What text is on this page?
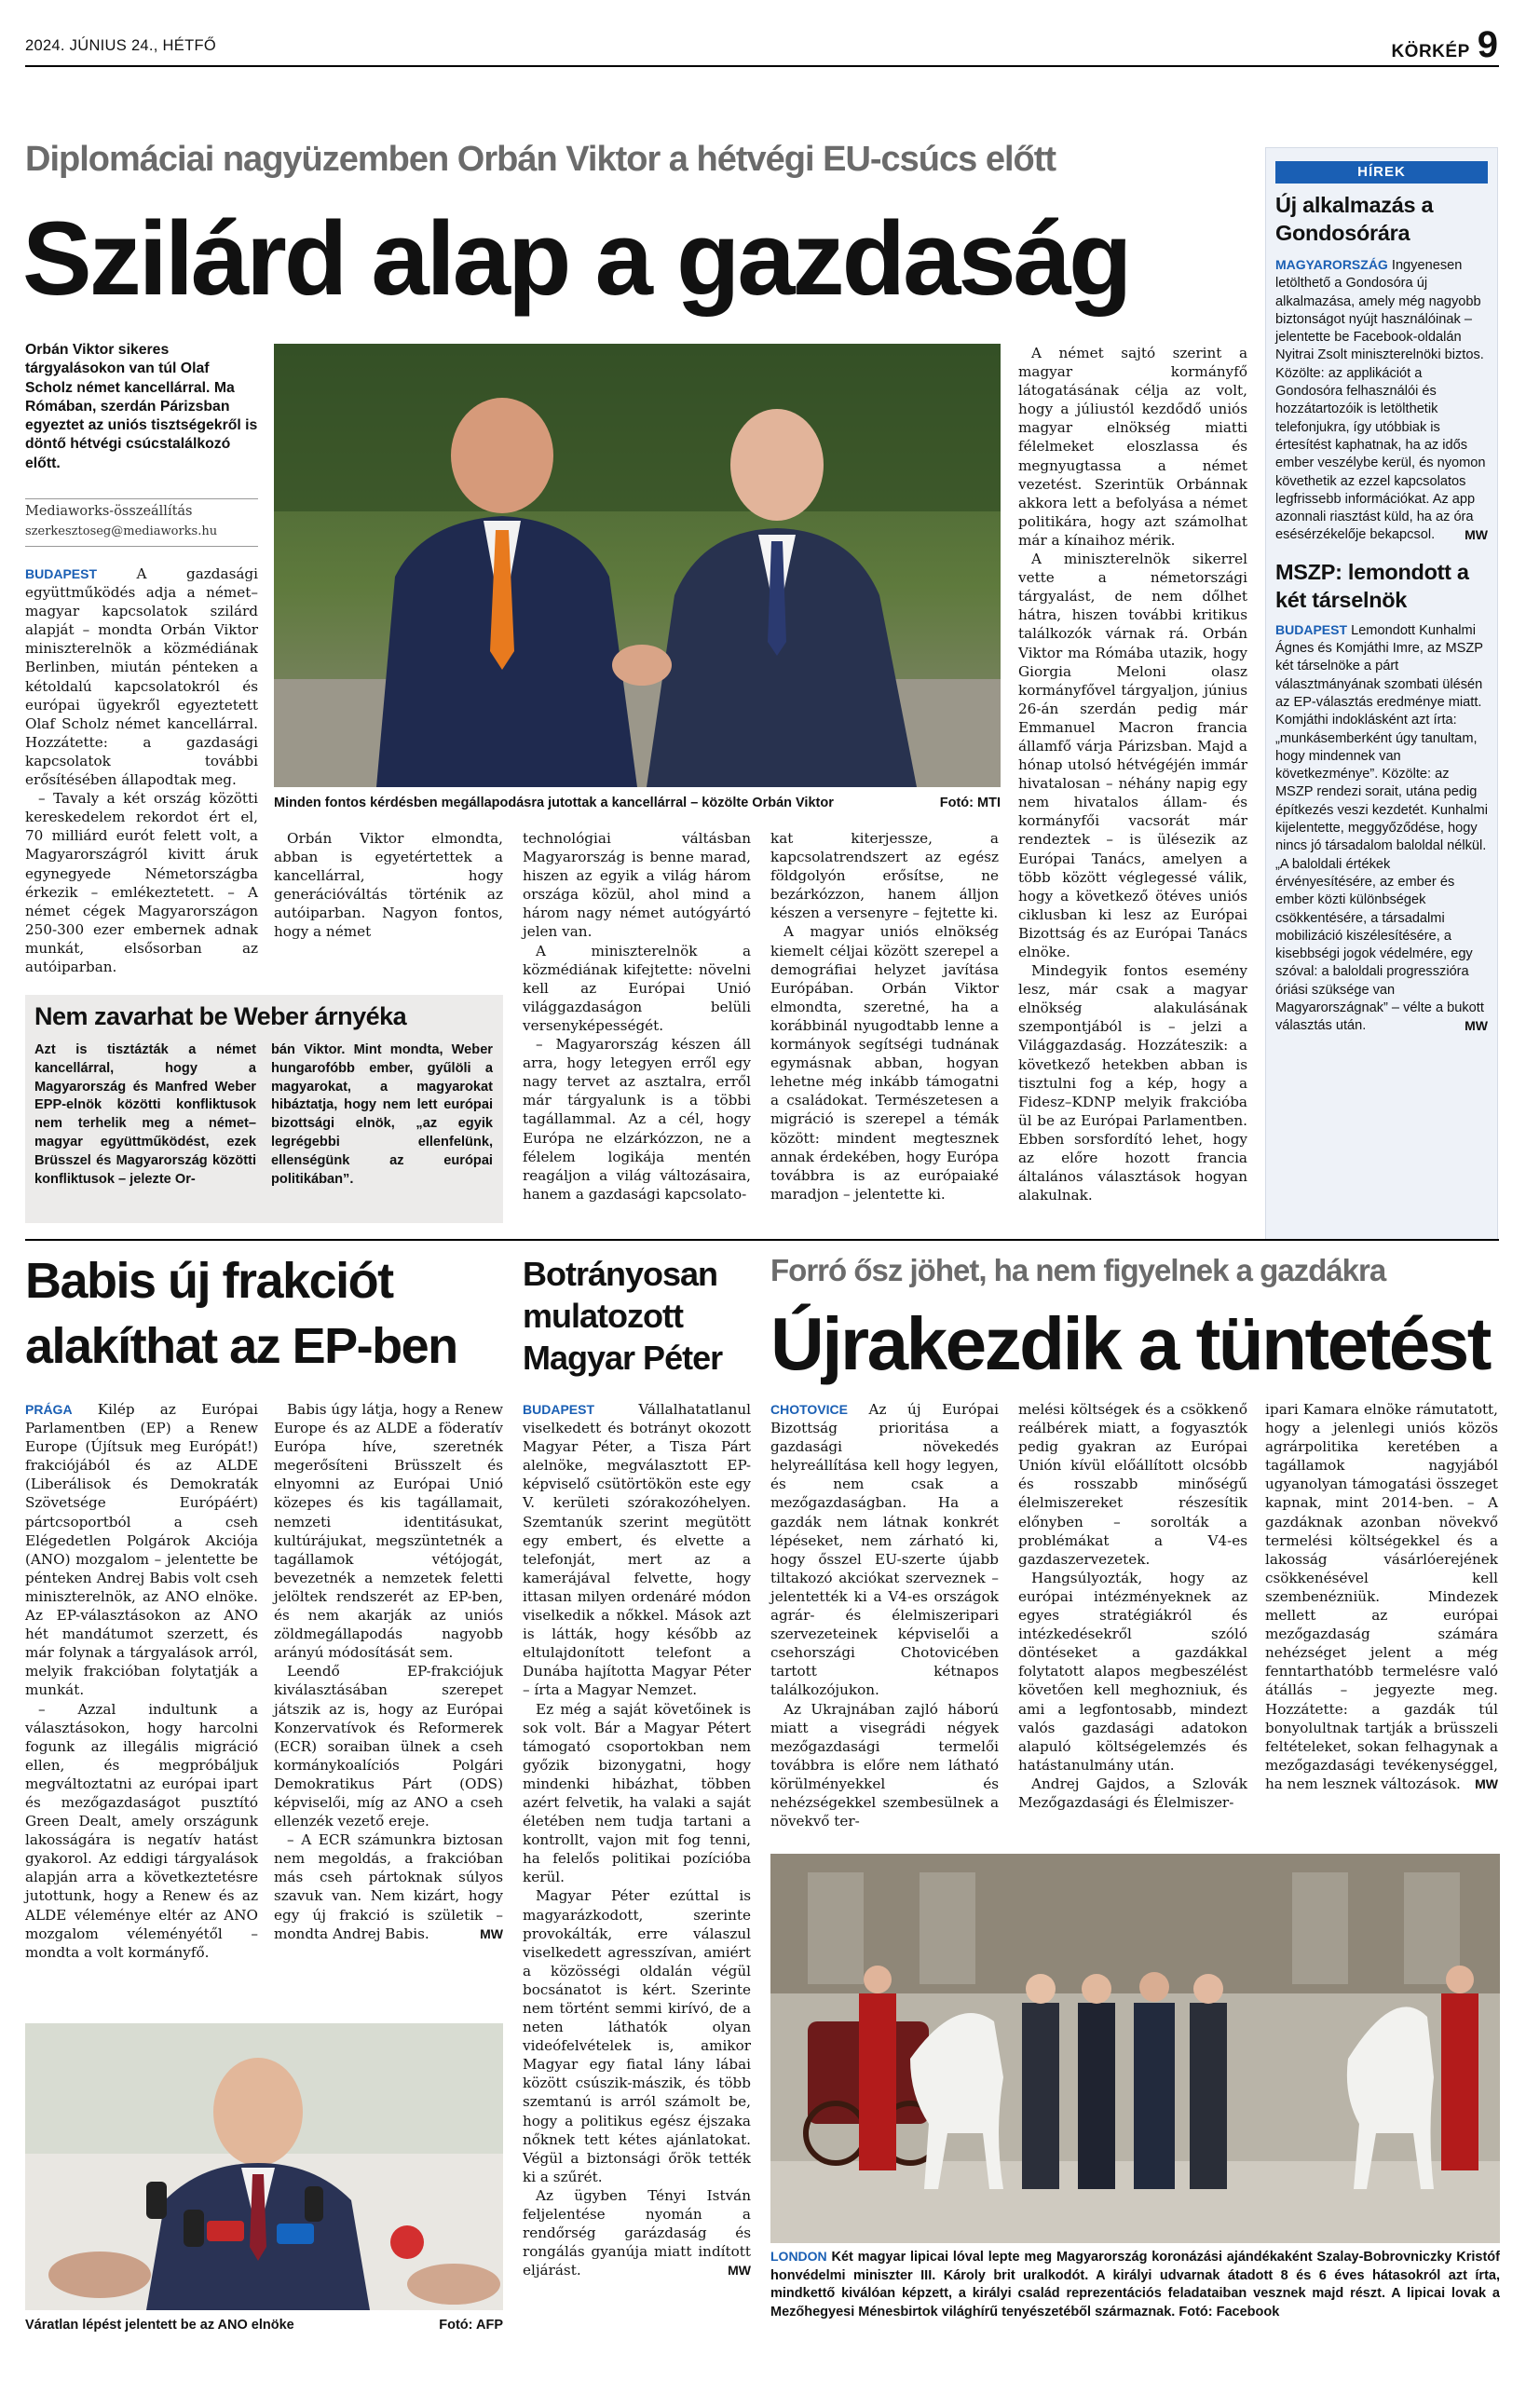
2024. JÚNIUS 24., HÉTFŐ	KÖRKÉP 9
Diplomáciai nagyüzemben Orbán Viktor a hétvégi EU-csúcs előtt
Szilárd alap a gazdaság
Orbán Viktor sikeres tárgyalásokon van túl Olaf Scholz német kancellárral. Ma Rómában, szerdán Párizsban egyeztet az uniós tisztségekről is döntő hétvégi csúcstalálkozó előtt.
Mediaworks-összeállítás
szerkesztoseg@mediaworks.hu
Minden fontos kérdésben megállapodásra jutottak a kancellárral – közölte Orbán Viktor	Fotó: MTI

BUDAPEST	A gazdasági együttműködés adja a német–magyar kapcsolatok szilárd alapját – mondta Orbán Viktor miniszterelnök a közmédiának Berlinben, miután pénteken a kétoldalú kapcsolatokról és európai ügyekről egyeztetett Olaf Scholz német kancellárral. Hozzátette: a gazdasági kapcsolatok további erősítésében állapodtak meg.

– Tavaly a két ország közötti kereskedelem rekordot ért el, 70 milliárd eurót felett volt, a Magyarországról kivitt áruk egynegyede Németországba érkezik – emlékeztetett. – A német cégek Magyarországon 250-300 ezer embernek adnak munkát, elsősorban az autóiparban.

Orbán Viktor elmondta, abban is egyetértettek a kancellárral, hogy generációváltás történik az autóiparban. Nagyon fontos, hogy a német

technológiai váltásban Magyarország is benne marad, hiszen az egyik a világ három országa közül, ahol mind a három nagy német autógyártó jelen van.

A miniszterelnök a közmédiának kifejtette: növelni kell az Európai Unió világgazdaságon belüli versenyképességét.

– Magyarország készen áll arra, hogy letegyen erről egy nagy tervet az asztalra, erről már tárgyalunk is a többi tagállammal. Az a cél, hogy Európa ne elzárkózzon, ne a félelem logikája mentén reagáljon a világ változásaira, hanem a gazdasági kapcsolato-

kat kiterjessze, a kapcsolatrendszert az egész földgolyón erősítse, ne bezárkózzon, hanem álljon készen a versenyre – fejtette ki.

A magyar uniós elnökség kiemelt céljai között szerepel a demográfiai helyzet javítása Európában. Orbán Viktor elmondta, szeretné, ha a korábbinál nyugodtabb lenne a kormányok segítségi tudnának egymásnak abban, hogyan lehetne még inkább támogatni a családokat. Természetesen a migráció is szerepel a témák között: mindent megtesznek annak érdekében, hogy Európa továbbra is az európaiaké maradjon – jelentette ki.

A német sajtó szerint a magyar kormányfő látogatásának célja az volt, hogy a júliustól kezdődő uniós magyar elnökség miatti félelmeket eloszlassa és megnyugtassa a német vezetést. Szerintük Orbánnak akkora lett a befolyása a német politikára, hogy azt számolhat már a kínaihoz mérik.

A miniszterelnök sikerrel vette a németországi tárgyalást, de nem dőlhet hátra, hiszen további kritikus találkozók várnak rá. Orbán Viktor ma Rómába utazik, hogy Giorgia Meloni olasz kormányfővel tárgyaljon, június 26-án szerdán pedig már Emmanuel Macron francia államfő várja Párizsban. Majd a hónap utolsó hétvégéjén immár hivatalosan – néhány napig egy nem hivatalos állam- és kormányfői vacsorát már rendeztek – is ülésezik az Európai Tanács, amelyen a több között véglegessé válik, hogy a következő ötéves uniós ciklusban ki lesz az Európai Bizottság és az Európai Tanács elnöke.

Mindegyik fontos esemény lesz, már csak a magyar elnökség alakulásának szempontjából is – jelzi a Világgazdaság. Hozzáteszik: a következő hetekben abban is tisztulni fog a kép, hogy a Fidesz–KDNP melyik frakcióba ül be az Európai Parlamentben. Ebben sorsfordító lehet, hogy az előre hozott francia általános választások hogyan alakulnak.

Nem zavarhat be Weber árnyéka
Azt is tisztázták a német kancellárral, hogy a Magyarország és Manfred Weber EPP-elnök közötti konfliktusok nem terhelik meg a német–magyar együttműködést, ezek Brüsszel és Magyarország közötti konfliktusok – jelezte Or-
bán Viktor. Mint mondta, Weber hungarofóbb ember, gyűlöli a magyarokat, a magyarokat hibáztatja, hogy nem lett európai bizottsági elnök, „az egyik legrégebbi ellenfelünk, ellenségünk az európai politikában”.
HÍREK
Új alkalmazás a Gondosórára

MAGYARORSZÁG Ingyenesen letölthető a Gondosóra új alkalmazása, amely még nagyobb biztonságot nyújt használóinak – jelentette be Facebook-oldalán Nyitrai Zsolt miniszterelnöki biztos. Közölte: az applikációt a Gondosóra felhasználói és hozzátartozóik is letölthetik telefonjukra, így utóbbiak is értesítést kaphatnak, ha az idős ember veszélybe kerül, és nyomon követhetik az ezzel kapcsolatos legfrissebb információkat. Az app azonnali riasztást küld, ha az óra esésérzékelője bekapcsol. MW

MSZP: lemondott a két társelnök

BUDAPEST Lemondott Kunhalmi Ágnes és Komjáthi Imre, az MSZP két társelnöke a párt választmányának szombati ülésén az EP-választás eredménye miatt. Komjáthi indoklásként azt írta: „munkásemberként úgy tanultam, hogy mindennek van következménye”. Közölte: az MSZP rendezi sorait, utána pedig építkezés veszi kezdetét. Kunhalmi kijelentette, meggyőződése, hogy nincs jó társadalom baloldal nélkül. „A baloldali értékek érvényesítésére, az ember és ember közti különbségek csökkentésére, a társadalmi mobilizáció kiszélesítésére, a kisebbségi jogok védelmére, egy szóval: a baloldali progresszióra óriási szüksége van Magyarországnak” – vélte a bukott választás után.	MW

Babis új frakciót alakíthat az EP-ben

PRÁGA Kilép az Európai Parlamentben (EP) a Renew Europe (Újítsuk meg Európát!) frakciójából és az ALDE (Liberálisok és Demokraták Szövetsége Európáért) pártcsoportból a cseh Elégedetlen Polgárok Akciója (ANO) mozgalom – jelentette be pénteken Andrej Babis volt cseh miniszterelnök, az ANO elnöke. Az EP-választásokon az ANO hét mandátumot szerzett, és már folynak a tárgyalások arról, melyik frakcióban folytatják a munkát.

– Azzal indultunk a választásokon, hogy harcolni fogunk az illegális migráció ellen, és megpróbáljuk megváltoztatni az európai ipart és mezőgazdaságot pusztító Green Dealt, amely országunk lakosságára is negatív hatást gyakorol. Az eddigi tárgyalások alapján arra a következtetésre jutottunk, hogy a Renew és az ALDE véleménye eltér az ANO mozgalom véleményétől – mondta a volt kormányfő.

Babis úgy látja, hogy a Renew Europe és az ALDE a föderatív Európa híve, szeretnék megerősíteni Brüsszelt és elnyomni az Európai Unió közepes és kis tagállamait, nemzeti identitásukat, kultúrájukat, megszüntetnék a tagállamok vétójogát, bevezetnék a nemzetek feletti jelöltek rendszerét az EP-ben, és nem akarják az uniós zöldmegállapodás nagyobb arányú módosítását sem.

Leendő EP-frakciójuk kiválasztásában szerepet játszik az is, hogy az Európai Konzervatívok és Reformerek (ECR) soraiban ülnek a cseh kormánykoalíciós Polgári Demokratikus Párt (ODS) képviselői, míg az ANO a cseh ellenzék vezető ereje.

– A ECR számunkra biztosan nem megoldás, a frakcióban más cseh pártoknak súlyos szavuk van. Nem kizárt, hogy egy új frakció is születik – mondta Andrej Babis.	MW

Váratlan lépést jelentett be az ANO elnöke	Fotó: AFP
Botrányosan mulatozott Magyar Péter

BUDAPEST	Vállalhatatlanul viselkedett és botrányt okozott Magyar Péter, a Tisza Párt alelnöke, megválasztott EP-képviselő csütörtökön este egy V. kerületi szórakozóhelyen. Szemtanúk szerint megütött egy embert, és elvette a telefonját, mert az a kamerájával felvette, hogy ittasan milyen ordenáré módon viselkedik a nőkkel. Mások azt is látták, hogy később az eltulajdonított telefont a Dunába hajította Magyar Péter – írta a Magyar Nemzet.

Ez még a saját követőinek is sok volt. Bár a Magyar Pétert támogató csoportokban nem győzik bizonygatni, hogy mindenki hibázhat, többen azért felvetik, ha valaki a saját életében nem tudja tartani a kontrollt, vajon mit fog tenni, ha felelős politikai pozícióba kerül.

Magyar Péter ezúttal is magyarázkodott, szerinte provokálták, erre válaszul viselkedett agresszívan, amiért a közösségi oldalán végül bocsánatot is kért. Szerinte nem történt semmi kirívó, de a neten láthatók olyan videófelvételek is, amikor Magyar egy fiatal lány lábai között csúszik-mászik, és több szemtanú is arról számolt be, hogy a politikus egész éjszaka nőknek tett kétes ajánlatokat. Végül a biztonsági őrök tették ki a szűrét.

Az ügyben Tényi István feljelentése nyomán a rendőrség garázdaság és rongálás gyanúja miatt indított eljárást.	MW

Forró ősz jöhet, ha nem figyelnek a gazdákra
Újrakezdik a tüntetést

CHOTOVICE Az új Európai Bizottság prioritása a gazdasági növekedés helyreállítása kell hogy legyen, és nem csak a mezőgazdaságban. Ha a gazdák nem látnak konkrét lépéseket, nem zárható ki, hogy ősszel EU-szerte újabb tiltakozó akciókat szerveznek – jelentették ki a V4-es országok agrár- és élelmiszeripari szervezeteinek képviselői a csehországi Chotovicében tartott kétnapos találkozójukon.

Az Ukrajnában zajló háború miatt a visegrádi négyek mezőgazdasági termelői továbbra is előre nem látható körülményekkel és nehézségekkel szembesülnek a növekvő ter-

melési költségek és a csökkenő reálbérek miatt, a fogyasztók pedig gyakran az Európai Unión kívül előállított olcsóbb és rosszabb minőségű élelmiszereket részesítik előnyben – sorolták a problémákat a V4-es gazdaszervezetek.

Hangsúlyozták, hogy az európai intézményeknek az egyes stratégiákról és intézkedésekről szóló döntéseket a gazdákkal folytatott alapos megbeszélést követően kell meghozniuk, és ami a legfontosabb, mindezt valós gazdasági adatokon alapuló költségelemzés és hatástanulmány után.

Andrej Gajdos, a Szlovák Mezőgazdasági és Élelmiszer-

ipari Kamara elnöke rámutatott, hogy a jelenlegi uniós közös agrárpolitika keretében a tagállamok nagyjából ugyanolyan támogatási összeget kapnak, mint 2014-ben. – A gazdáknak azonban növekvő termelési költségekkel és a lakosság vásárlóerejének csökkenésével kell szembenézniük. Mindezek mellett az európai mezőgazdaság számára nehézséget jelent a még fenntarthatóbb termelésre való átállás – jegyezte meg. Hozzátette: a gazdák túl bonyolultnak tartják a brüsszeli feltételeket, sokan felhagynak a mezőgazdasági tevékenységgel, ha nem lesznek változások. MW

LONDON Két magyar lipicai lóval lepte meg Magyarország koronázási ajándékaként Szalay-Bobrovniczky Kristóf honvédelmi miniszter III. Károly brit uralkodót. A királyi udvarnak átadott 8 és 6 éves hátasokról azt írta, mindkettő kiválóan képzett, a királyi család reprezentációs feladataiban vesznek majd részt. A lipicai lovak a Mezőhegyesi Ménesbirtok világhírű tenyészetéből származnak. Fotó: Facebook
